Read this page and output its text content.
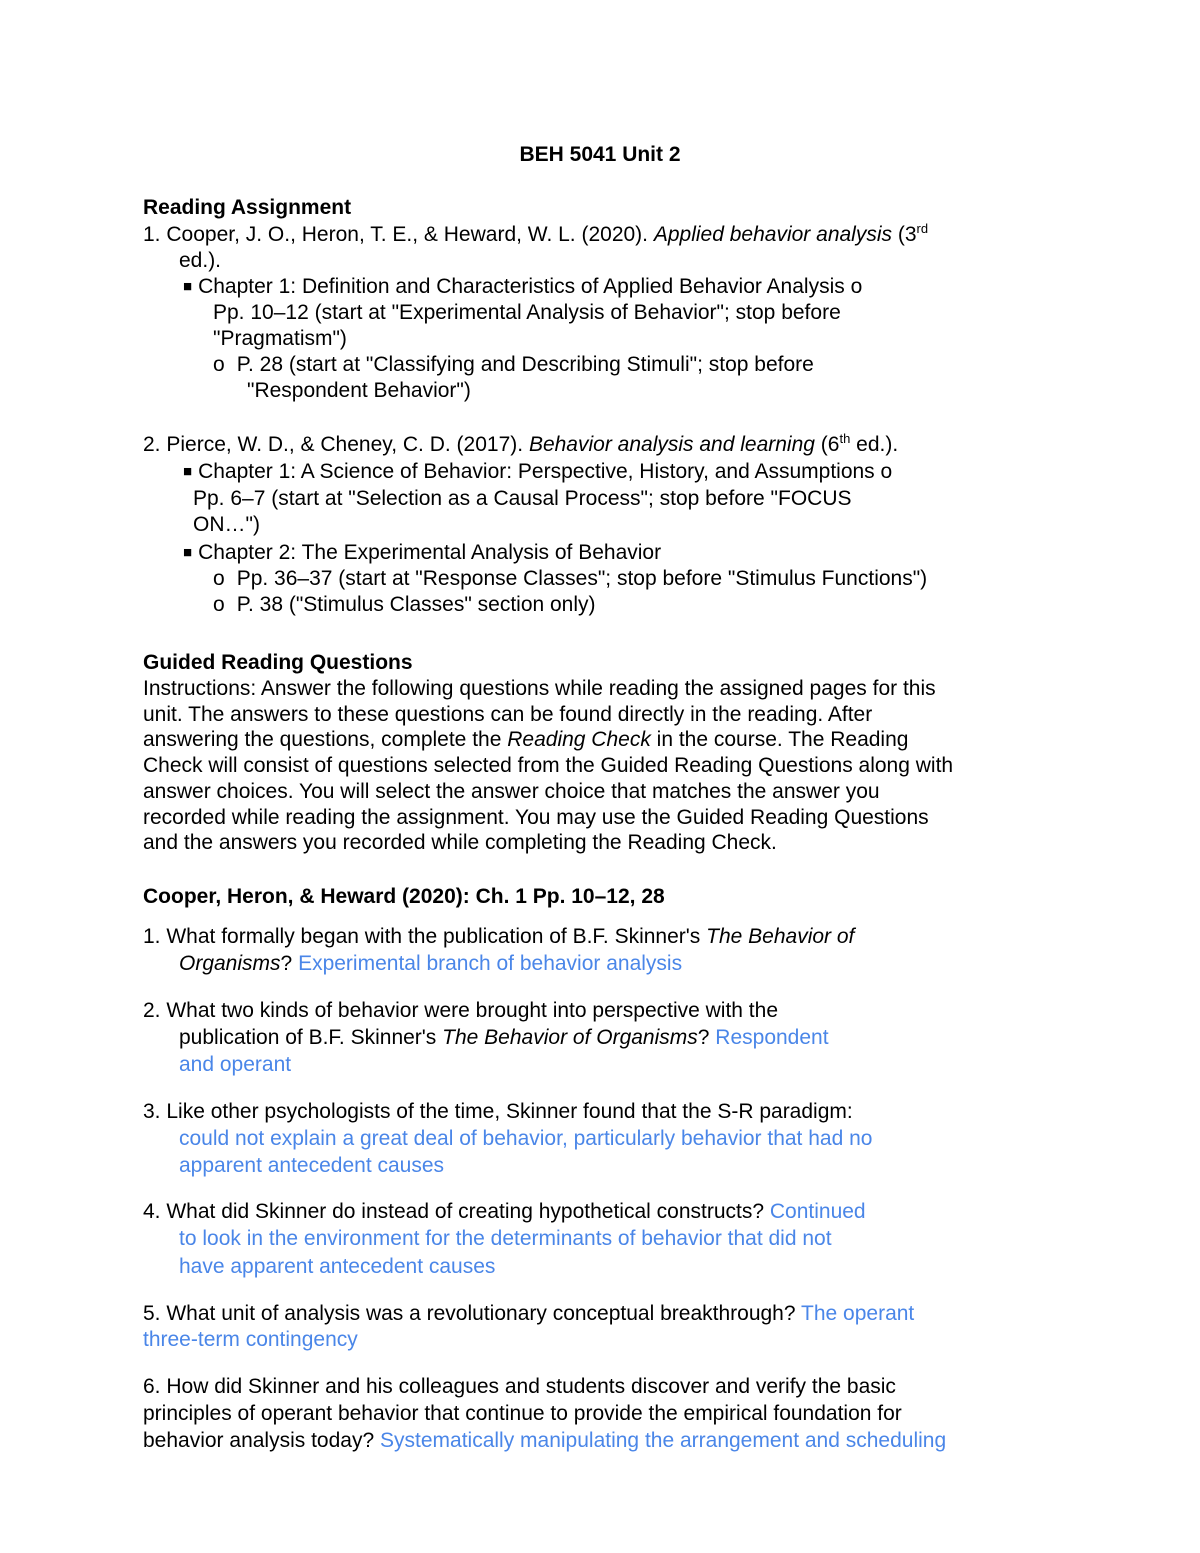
BEH 5041 Unit 2
Reading Assignment
1. Cooper, J. O., Heron, T. E., & Heward, W. L. (2020). Applied behavior analysis (3rd
ed.).
■ Chapter 1: Definition and Characteristics of Applied Behavior Analysis o
Pp. 10–12 (start at "Experimental Analysis of Behavior"; stop before
"Pragmatism")
o P. 28 (start at "Classifying and Describing Stimuli"; stop before
"Respondent Behavior")
2. Pierce, W. D., & Cheney, C. D. (2017). Behavior analysis and learning (6th ed.).
■ Chapter 1: A Science of Behavior: Perspective, History, and Assumptions o
Pp. 6–7 (start at "Selection as a Causal Process"; stop before "FOCUS
ON…")
■ Chapter 2: The Experimental Analysis of Behavior
o Pp. 36–37 (start at "Response Classes"; stop before "Stimulus Functions")
o P. 38 ("Stimulus Classes" section only)
Guided Reading Questions
Instructions: Answer the following questions while reading the assigned pages for this
unit. The answers to these questions can be found directly in the reading. After
answering the questions, complete the Reading Check in the course. The Reading
Check will consist of questions selected from the Guided Reading Questions along with
answer choices. You will select the answer choice that matches the answer you
recorded while reading the assignment. You may use the Guided Reading Questions
and the answers you recorded while completing the Reading Check.
Cooper, Heron, & Heward (2020): Ch. 1 Pp. 10–12, 28
1. What formally began with the publication of B.F. Skinner's The Behavior of
Organisms? Experimental branch of behavior analysis
2. What two kinds of behavior were brought into perspective with the
publication of B.F. Skinner's The Behavior of Organisms? Respondent
and operant
3. Like other psychologists of the time, Skinner found that the S-R paradigm:
could not explain a great deal of behavior, particularly behavior that had no
apparent antecedent causes
4. What did Skinner do instead of creating hypothetical constructs? Continued
to look in the environment for the determinants of behavior that did not
have apparent antecedent causes
5. What unit of analysis was a revolutionary conceptual breakthrough? The operant
three-term contingency
6. How did Skinner and his colleagues and students discover and verify the basic
principles of operant behavior that continue to provide the empirical foundation for
behavior analysis today? Systematically manipulating the arrangement and scheduling
